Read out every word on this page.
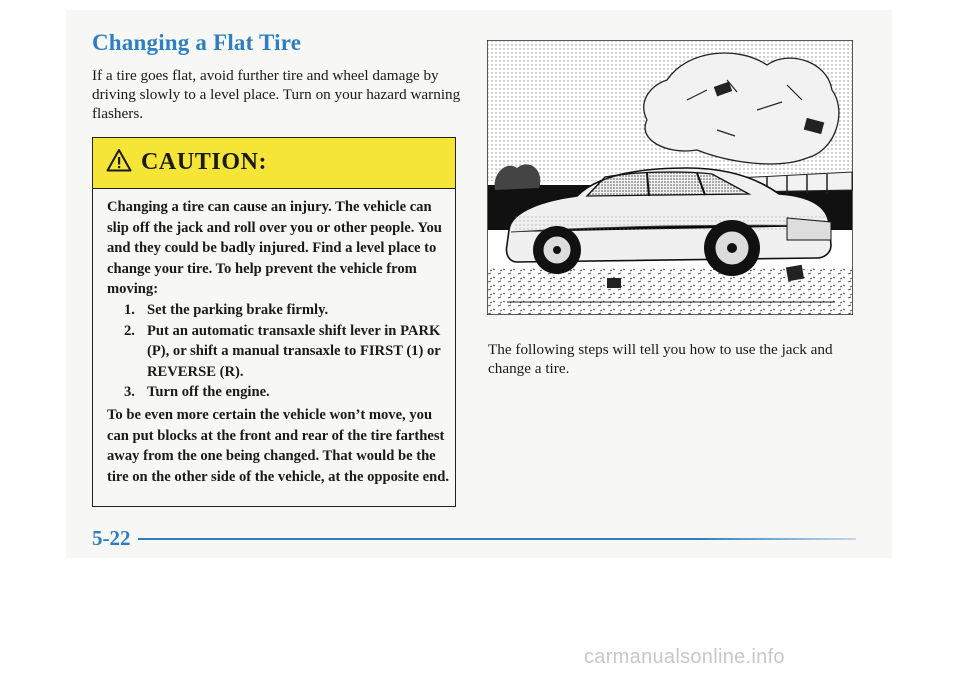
Changing a Flat Tire
If a tire goes flat, avoid further tire and wheel damage by driving slowly to a level place. Turn on your hazard warning flashers.
CAUTION:

Changing a tire can cause an injury. The vehicle can slip off the jack and roll over you or other people. You and they could be badly injured. Find a level place to change your tire. To help prevent the vehicle from moving:

1. Set the parking brake firmly.
2. Put an automatic transaxle shift lever in PARK (P), or shift a manual transaxle to FIRST (1) or REVERSE (R).
3. Turn off the engine.

To be even more certain the vehicle won’t move, you can put blocks at the front and rear of the tire farthest away from the one being changed. That would be the tire on the other side of the vehicle, at the opposite end.

The following steps will tell you how to use the jack and change a tire.
5-22
carmanualsonline.info
